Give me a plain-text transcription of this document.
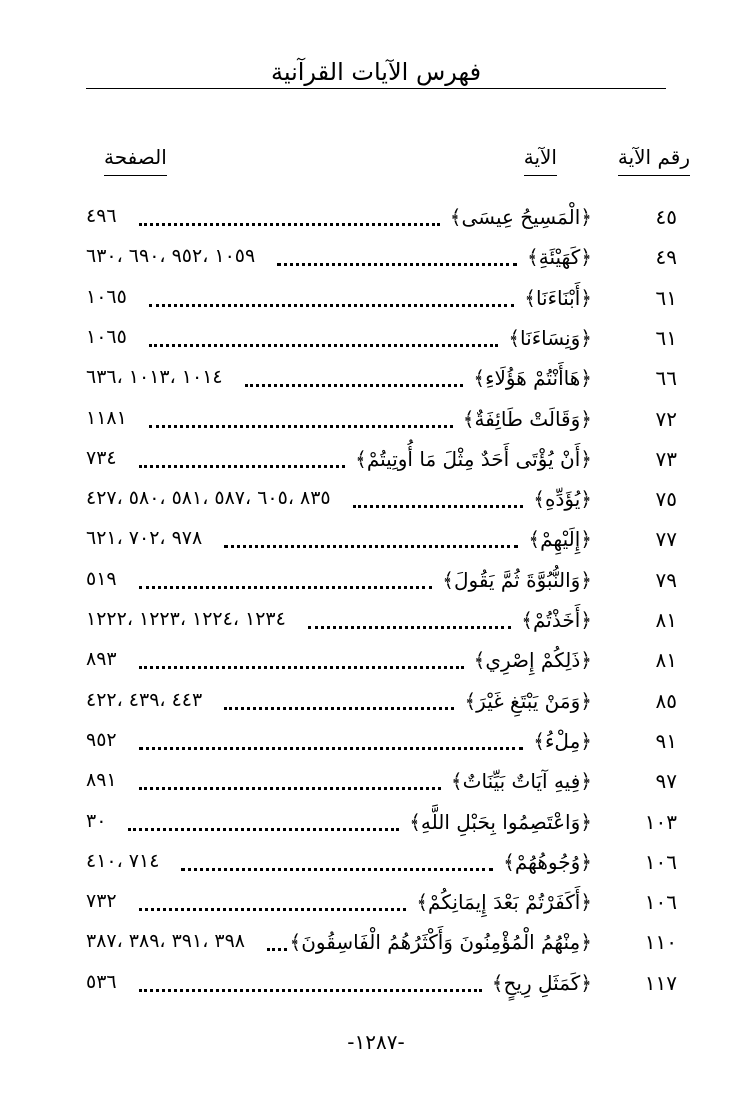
فهرس الآيات القرآنية
رقم الآية
الآية
الصفحة
٤٥
﴿الْمَسِيحُ عِيسَى﴾
٤٩٦
٤٩
﴿كَهَيْئَةِ﴾
١٠٥٩ ،٩٥٢ ،٦٩٠ ،٦٣٠
٦١
﴿أَبْنَاءَنَا﴾
١٠٦٥
٦١
﴿وَنِسَاءَنَا﴾
١٠٦٥
٦٦
﴿هَاأَنْتُمْ هَؤُلَاءِ﴾
١٠١٤ ،١٠١٣ ،٦٣٦
٧٢
﴿وَقَالَتْ طَائِفَةٌ﴾
١١٨١
٧٣
﴿أَنْ يُؤْتَى أَحَدٌ مِثْلَ مَا أُوتِيتُمْ﴾
٧٣٤
٧٥
﴿يُؤَدِّهِ﴾
٨٣٥ ،٦٠٥ ،٥٨٧ ،٥٨١ ،٥٨٠ ،٤٢٧
٧٧
﴿إِلَيْهِمْ﴾
٩٧٨ ،٧٠٢ ،٦٢١
٧٩
﴿وَالنُّبُوَّةَ ثُمَّ يَقُولَ﴾
٥١٩
٨١
﴿أَخَذْتُمْ﴾
١٢٣٤ ،١٢٢٤ ،١٢٢٣ ،١٢٢٢
٨١
﴿ذَلِكُمْ إِصْرِي﴾
٨٩٣
٨٥
﴿وَمَنْ يَبْتَغِ غَيْرَ﴾
٤٤٣ ،٤٣٩ ،٤٢٢
٩١
﴿مِلْءُ﴾
٩٥٢
٩٧
﴿فِيهِ آيَاتٌ بَيِّنَاتٌ﴾
٨٩١
١٠٣
﴿وَاعْتَصِمُوا بِحَبْلِ اللَّهِ﴾
٣٠
١٠٦
﴿وُجُوهُهُمْ﴾
٧١٤ ،٤١٠
١٠٦
﴿أَكَفَرْتُمْ بَعْدَ إِيمَانِكُمْ﴾
٧٣٢
١١٠
﴿مِنْهُمُ الْمُؤْمِنُونَ وَأَكْثَرُهُمُ الْفَاسِقُونَ﴾
٣٩٨ ،٣٩١ ،٣٨٩ ،٣٨٧
١١٧
﴿كَمَثَلِ رِيحٍ﴾
٥٣٦
-١٢٨٧-
